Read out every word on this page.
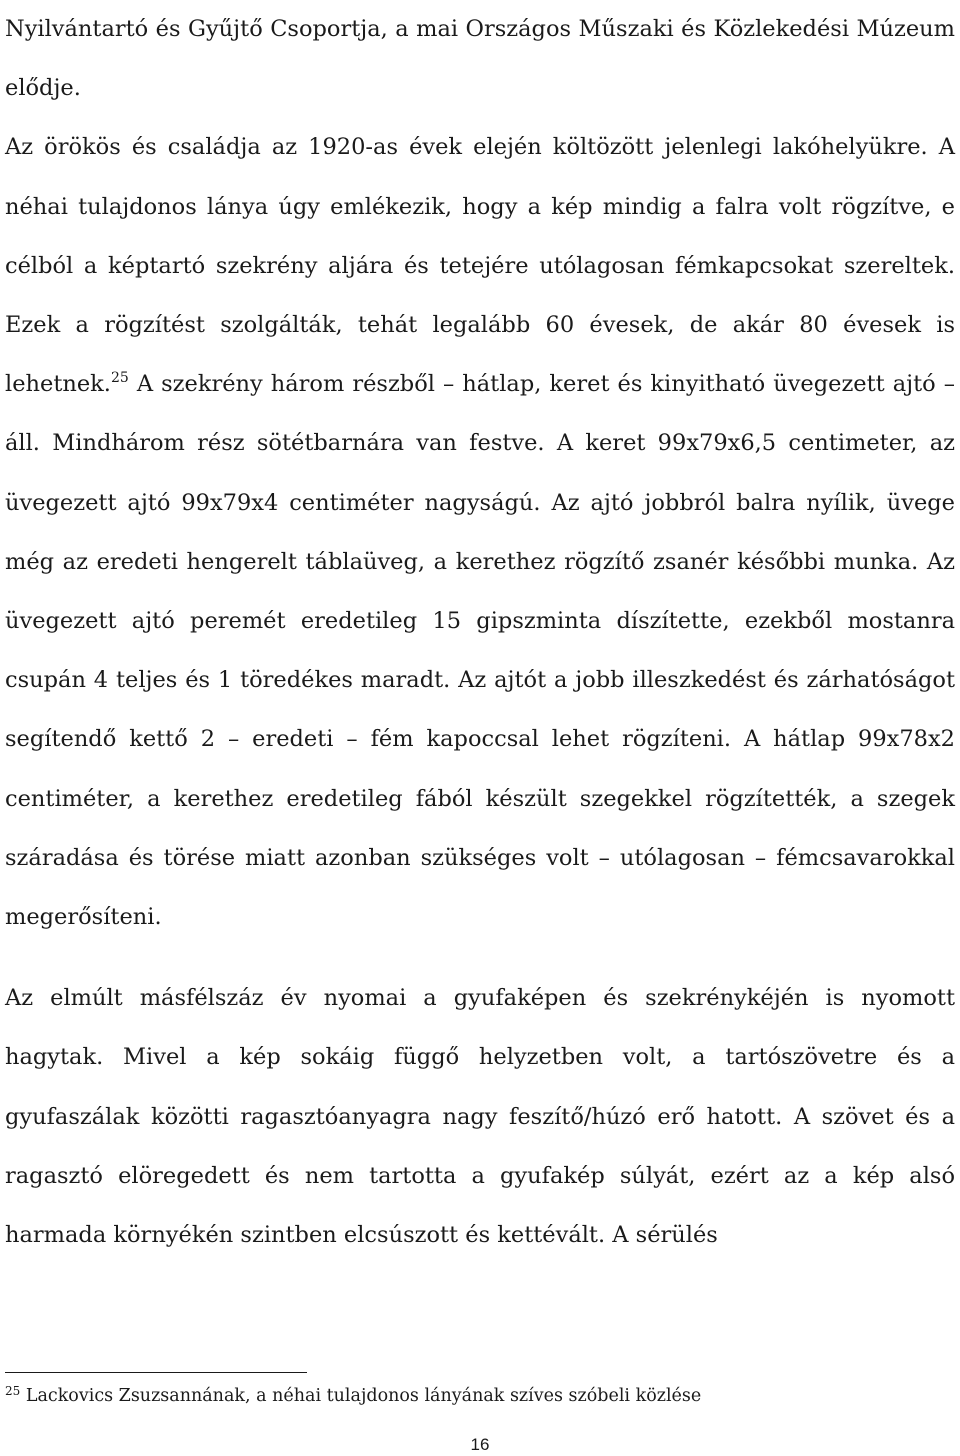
Nyilvántartó és Gyűjtő Csoportja, a mai Országos Műszaki és Közlekedési Múzeum elődje.

Az örökös és családja az 1920-as évek elején költözött jelenlegi lakóhelyükre. A néhai tulajdonos lánya úgy emlékezik, hogy a kép mindig a falra volt rögzítve, e célból a képtartó szekrény aljára és tetejére utólagosan fémkapcsokat szereltek. Ezek a rögzítést szolgálták, tehát legalább 60 évesek, de akár 80 évesek is lehetnek.$^{25}$ A szekrény három részből – hátlap, keret és kinyitható üvegezett ajtó – áll. Mindhárom rész sötétbarnára van festve. A keret 99x79x6,5 centimeter, az üvegezett ajtó 99x79x4 centiméter nagyságú. Az ajtó jobbról balra nyílik, üvege még az eredeti hengerelt táblaüveg, a kerethez rögzítő zsanér későbbi munka. Az üvegezett ajtó peremét eredetileg 15 gipszminta díszítette, ezekből mostanra csupán 4 teljes és 1 töredékes maradt. Az ajtót a jobb illeszkedést és zárhatóságot segítendő kettő 2 – eredeti – fém kapoccsal lehet rögzíteni. A hátlap 99x78x2 centiméter, a kerethez eredetileg fából készült szegekkel rögzítették, a szegek száradása és törése miatt azonban szükséges volt – utólagosan – fémcsavarokkal megerősíteni.

Az elmúlt másfélszáz év nyomai a gyufaképen és szekrénykéjén is nyomott hagytak. Mivel a kép sokáig függő helyzetben volt, a tartószövetre és a gyufaszálak közötti ragasztóanyagra nagy feszítő/húzó erő hatott. A szövet és a ragasztó elöregedett és nem tartotta a gyufakép súlyát, ezért az a kép alsó harmada környékén szintben elcsúszott és kettévált. A sérülés

$^{25}$ Lackovics Zsuzsannának, a néhai tulajdonos lányának szíves szóbeli közlése
16
